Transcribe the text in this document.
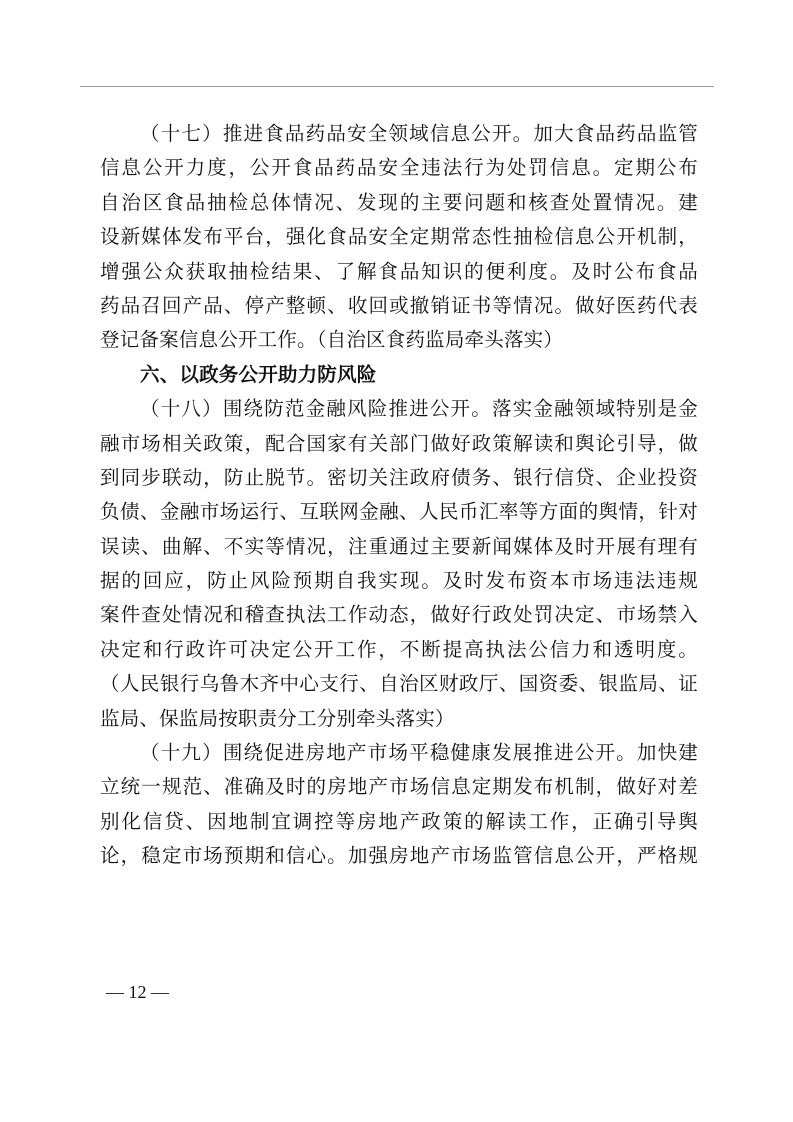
（十七）推进食品药品安全领域信息公开。加大食品药品监管
信息公开力度，公开食品药品安全违法行为处罚信息。定期公布
自治区食品抽检总体情况、发现的主要问题和核查处置情况。建
设新媒体发布平台，强化食品安全定期常态性抽检信息公开机制，
增强公众获取抽检结果、了解食品知识的便利度。及时公布食品
药品召回产品、停产整顿、收回或撤销证书等情况。做好医药代表
登记备案信息公开工作。（自治区食药监局牵头落实）
六、以政务公开助力防风险
（十八）围绕防范金融风险推进公开。落实金融领域特别是金
融市场相关政策，配合国家有关部门做好政策解读和舆论引导，做
到同步联动，防止脱节。密切关注政府债务、银行信贷、企业投资
负债、金融市场运行、互联网金融、人民币汇率等方面的舆情，针对
误读、曲解、不实等情况，注重通过主要新闻媒体及时开展有理有
据的回应，防止风险预期自我实现。及时发布资本市场违法违规
案件查处情况和稽查执法工作动态，做好行政处罚决定、市场禁入
决定和行政许可决定公开工作，不断提高执法公信力和透明度。
（人民银行乌鲁木齐中心支行、自治区财政厅、国资委、银监局、证
监局、保监局按职责分工分别牵头落实）
（十九）围绕促进房地产市场平稳健康发展推进公开。加快建
立统一规范、准确及时的房地产市场信息定期发布机制，做好对差
别化信贷、因地制宜调控等房地产政策的解读工作，正确引导舆
论，稳定市场预期和信心。加强房地产市场监管信息公开，严格规
— 12 —
